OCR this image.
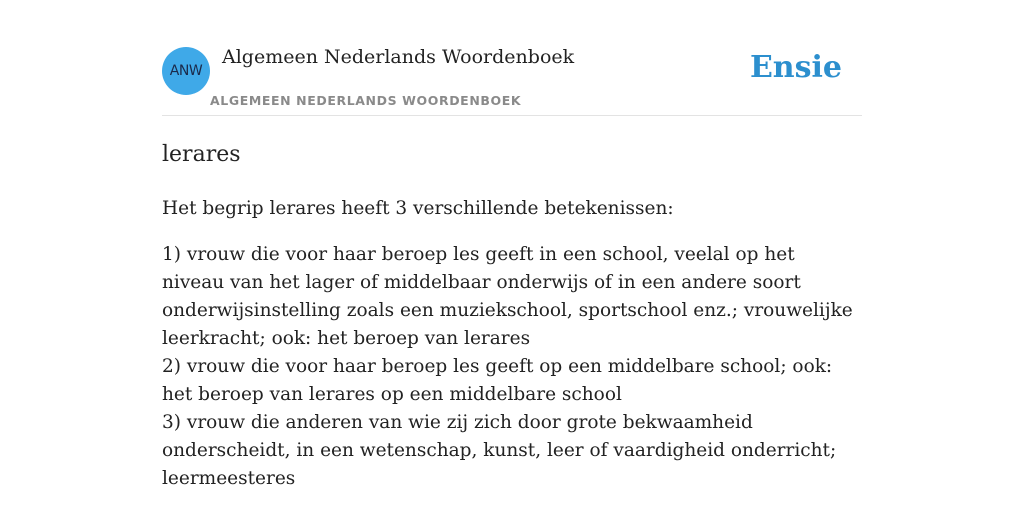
ANW
Algemeen Nederlands Woordenboek
ALGEMEEN NEDERLANDS WOORDENBOEK
Ensie
lerares

Het begrip lerares heeft 3 verschillende betekenissen:

1) vrouw die voor haar beroep les geeft in een school, veelal op het niveau van het lager of middelbaar onderwijs of in een andere soort onderwijsinstelling zoals een muziekschool, sportschool enz.; vrouwelijke leerkracht; ook: het beroep van lerares
2) vrouw die voor haar beroep les geeft op een middelbare school; ook: het beroep van lerares op een middelbare school
3) vrouw die anderen van wie zij zich door grote bekwaamheid onderscheidt, in een wetenschap, kunst, leer of vaardigheid onderricht; leermeesteres
